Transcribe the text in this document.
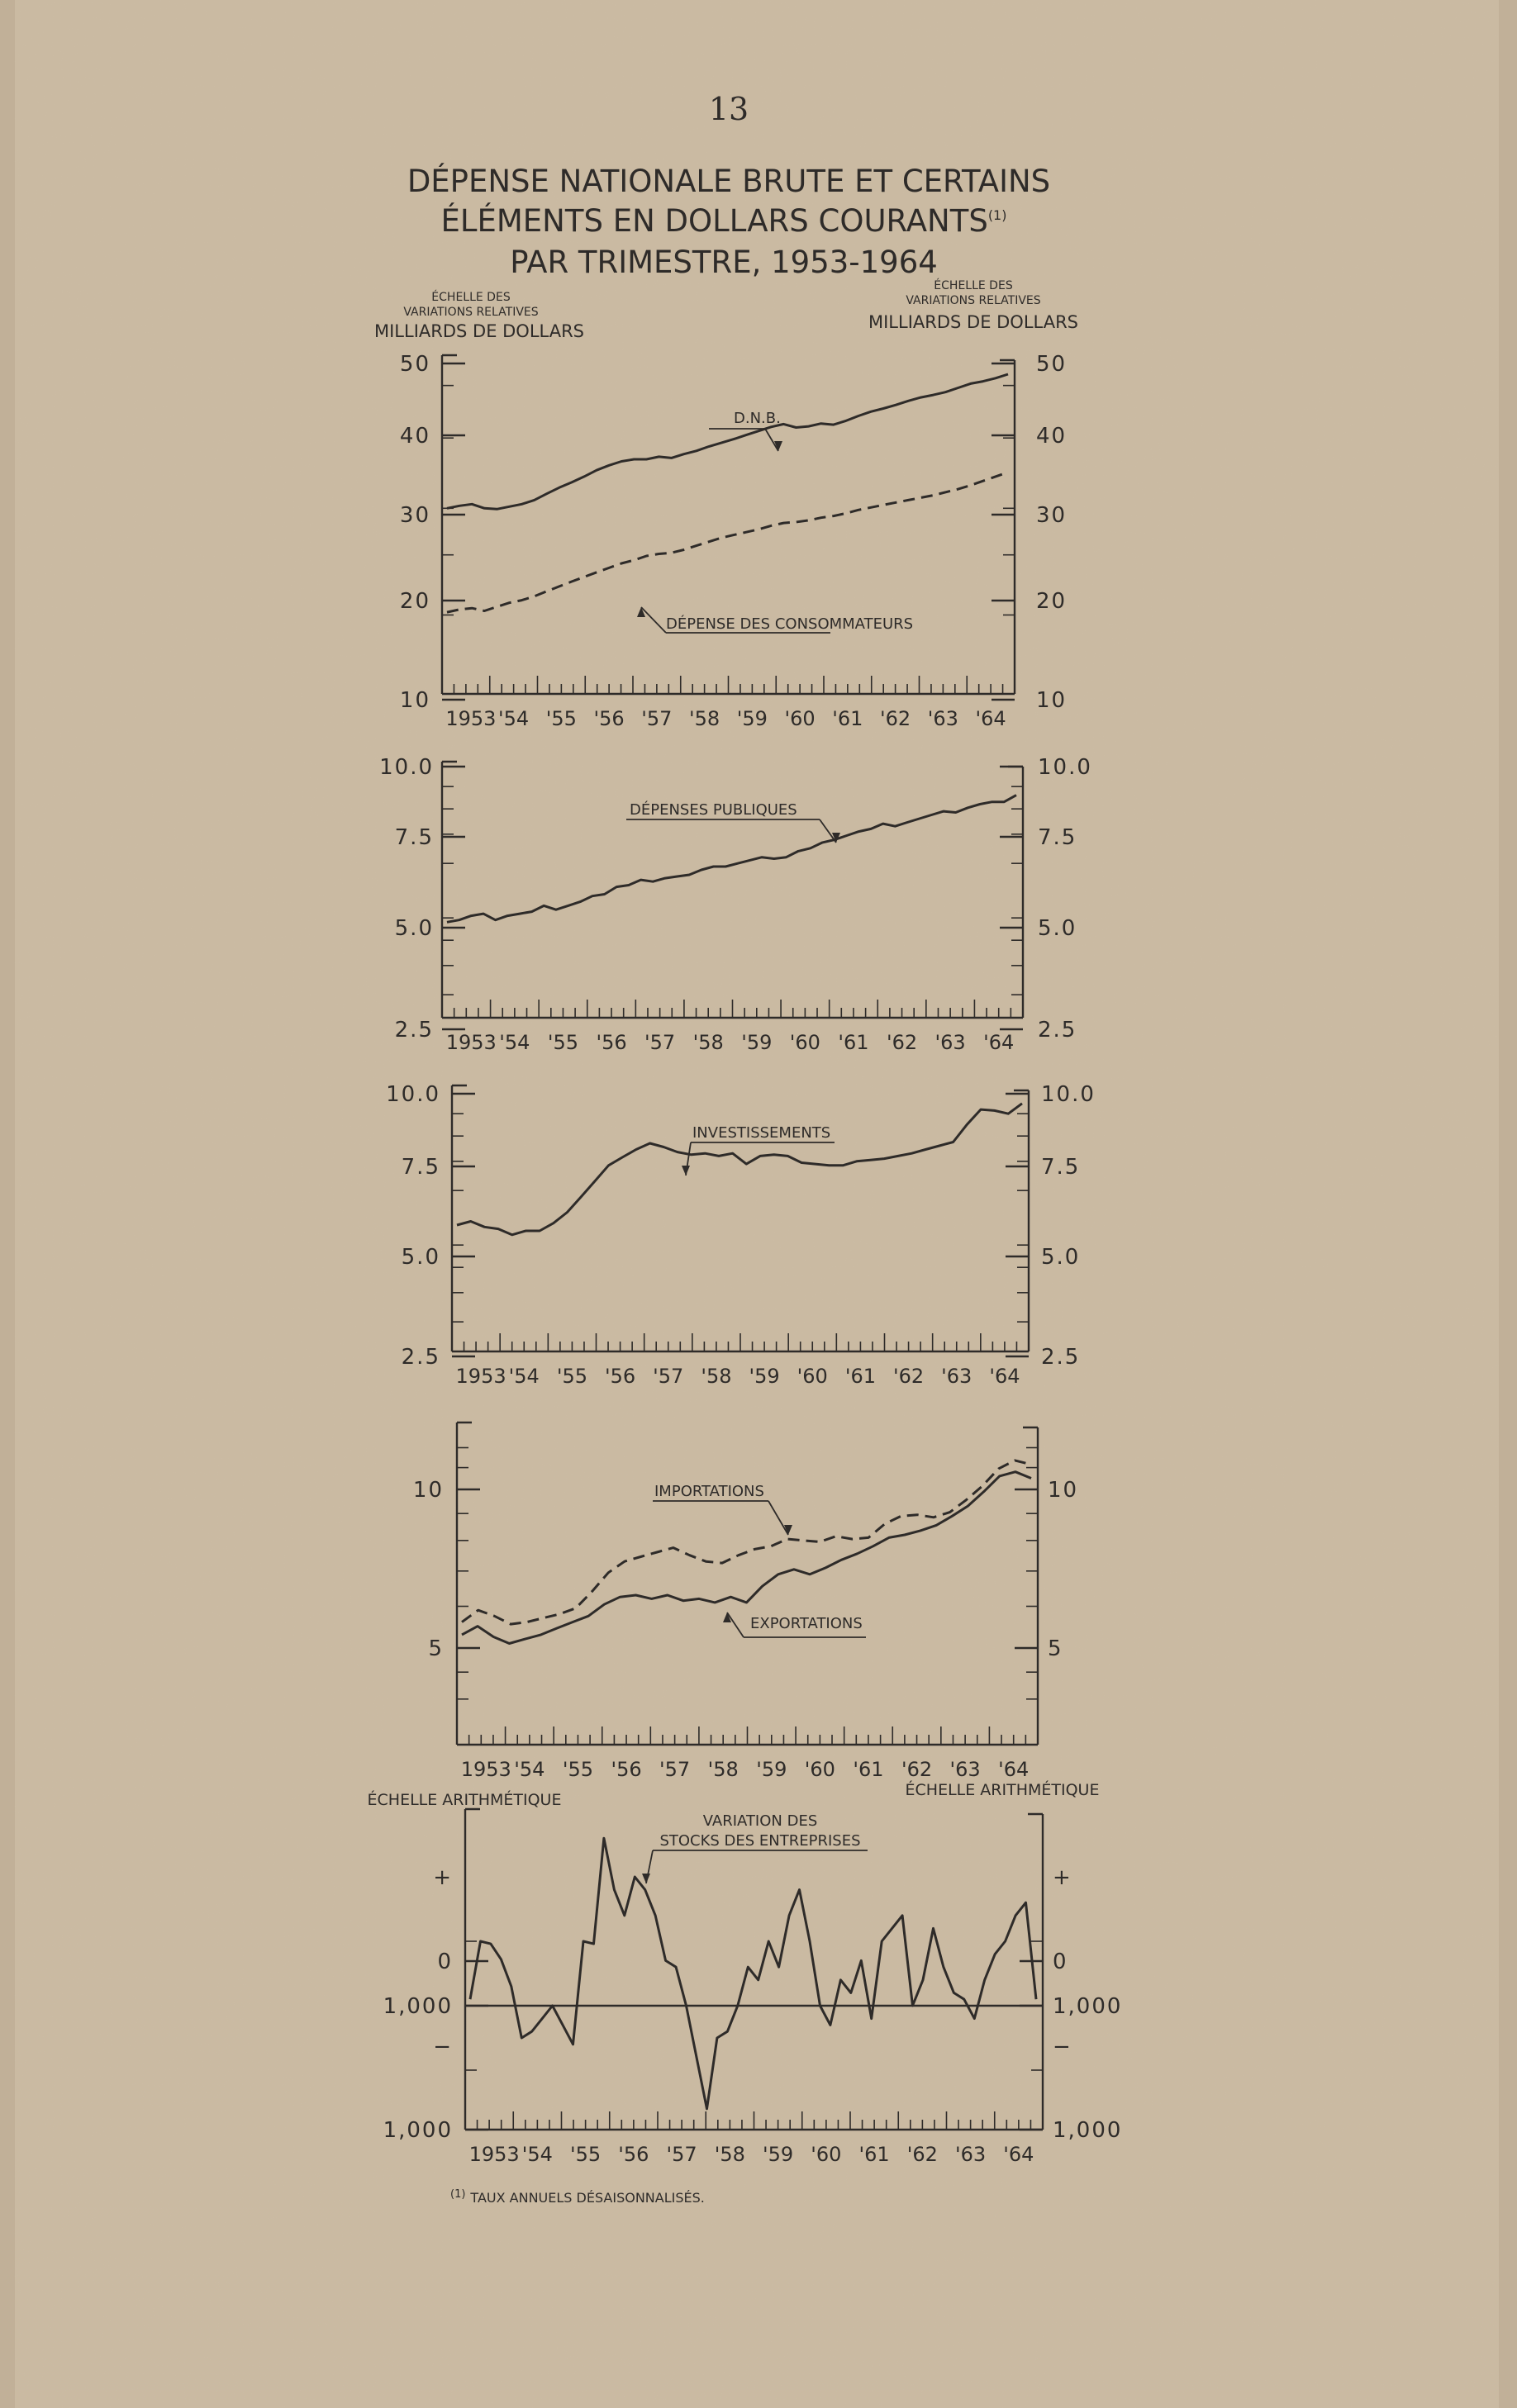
13
DÉPENSE NATIONALE BRUTE ET CERTAINS
ÉLÉMENTS EN DOLLARS COURANTS$^{(1)}$
PAR TRIMESTRE, 1953-1964
ÉCHELLE DES
VARIATIONS RELATIVES
MILLIARDS DE DOLLARS
ÉCHELLE DES
VARIATIONS RELATIVES
MILLIARDS DE DOLLARS
ÉCHELLE ARITHMÉTIQUE
ÉCHELLE ARITHMÉTIQUE
10	10
20	20
30	30
40	40
50	50
1953 '54 '55 '56 '57 '58 '59 '60 '61 '62 '63 '64
D.N.B.
DÉPENSE DES CONSOMMATEURS
2.5	2.5
5.0	5.0
7.5	7.5
10.0	10.0
1953 '54 '55 '56 '57 '58 '59 '60 '61 '62 '63 '64
DÉPENSES PUBLIQUES
2.5	2.5
5.0	5.0
7.5	7.5
10.0	10.0
1953 '54 '55 '56 '57 '58 '59 '60 '61 '62 '63 '64
INVESTISSEMENTS
5	5
10	10
1953 '54 '55 '56 '57 '58 '59 '60 '61 '62 '63 '64
IMPORTATIONS
EXPORTATIONS
1,000	1,000
+	+
0	0
−	−
1,000	1,000
1953 '54 '55 '56 '57 '58 '59 '60 '61 '62 '63 '64
VARIATION DES
STOCKS DES ENTREPRISES
$^{(1)}$ TAUX ANNUELS DÉSAISONNALISÉS.
